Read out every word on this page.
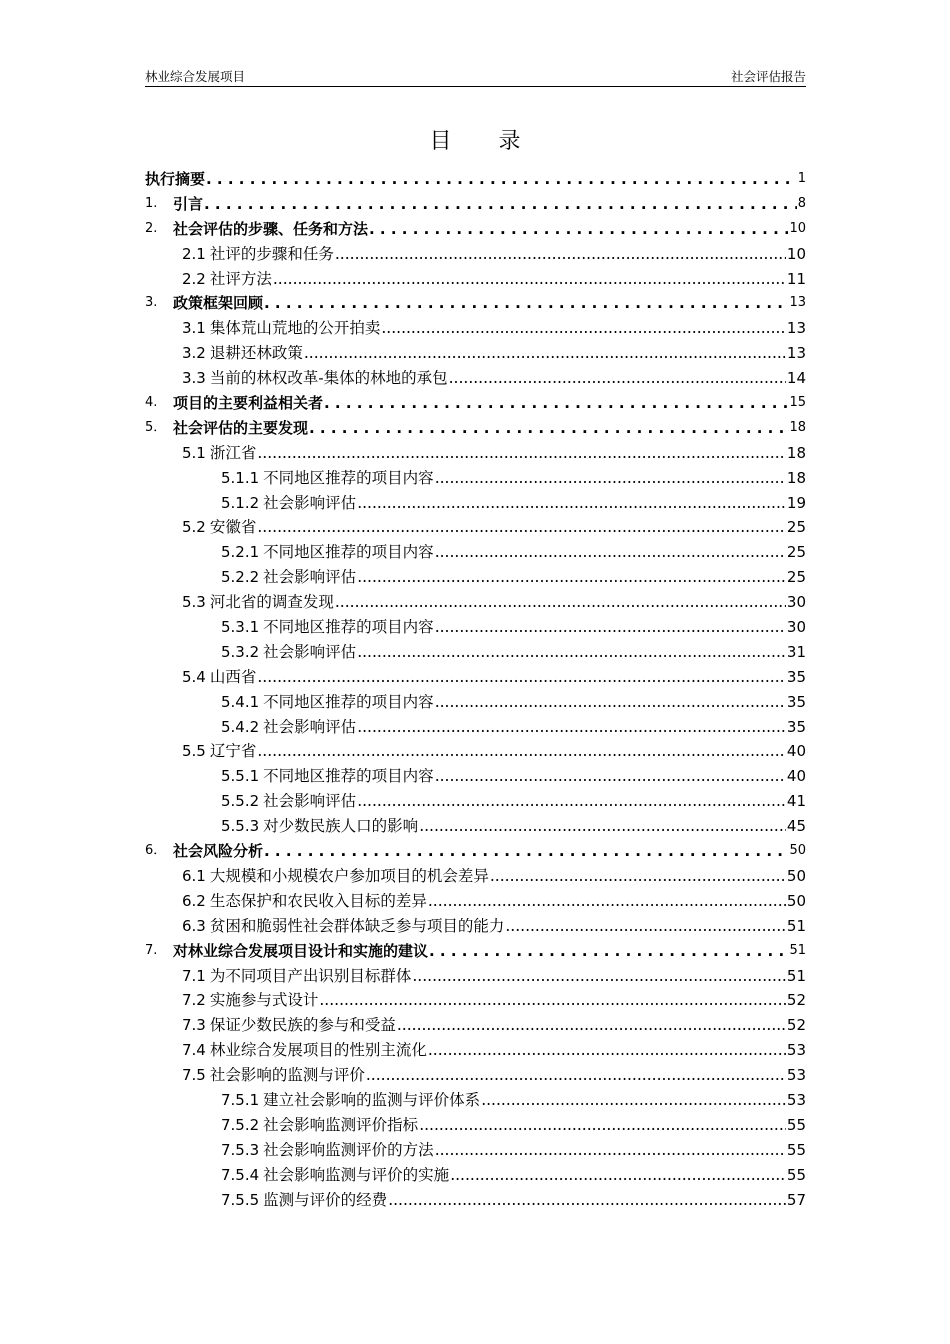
林业综合发展项目	社会评估报告
目 录
执行摘要 . . .	1
1.	引言 . . .	8
2.	社会评估的步骤、任务和方法 . . .	10
2.1 社评的步骤和任务 .....	10
2.2 社评方法 .....	11
3.	政策框架回顾 . . .	13
3.1 集体荒山荒地的公开拍卖 .....	13
3.2 退耕还林政策 .....	13
3.3 当前的林权改革-集体的林地的承包 .....	14
4.	项目的主要利益相关者 . . .	15
5． 社会评估的主要发现 . . .	18
5.1 浙江省 .....	18
5.1.1 不同地区推荐的项目内容 .....	18
5.1.2 社会影响评估 .....	19
5.2 安徽省 .....	25
5.2.1 不同地区推荐的项目内容 .....	25
5.2.2 社会影响评估 .....	25
5.3 河北省的调查发现 .....	30
5.3.1 不同地区推荐的项目内容 .....	30
5.3.2 社会影响评估 .....	31
5.4 山西省 .....	35
5.4.1 不同地区推荐的项目内容 .....	35
5.4.2 社会影响评估 .....	35
5.5 辽宁省 .....	40
5.5.1 不同地区推荐的项目内容 .....	40
5.5.2 社会影响评估 .....	41
5.5.3 对少数民族人口的影响 .....	45
6． 社会风险分析 . . .	50
6.1 大规模和小规模农户参加项目的机会差异 .....	50
6.2 生态保护和农民收入目标的差异 .....	50
6.3 贫困和脆弱性社会群体缺乏参与项目的能力 .....	51
7.	对林业综合发展项目设计和实施的建议 . . .	51
7.1 为不同项目产出识别目标群体 .....	51
7.2 实施参与式设计 .....	52
7.3 保证少数民族的参与和受益 .....	52
7.4 林业综合发展项目的性别主流化 .....	53
7.5 社会影响的监测与评价 .....	53
7.5.1 建立社会影响的监测与评价体系 .....	53
7.5.2 社会影响监测评价指标 .....	55
7.5.3 社会影响监测评价的方法 .....	55
7.5.4 社会影响监测与评价的实施 .....	55
7.5.5 监测与评价的经费 .....	57
